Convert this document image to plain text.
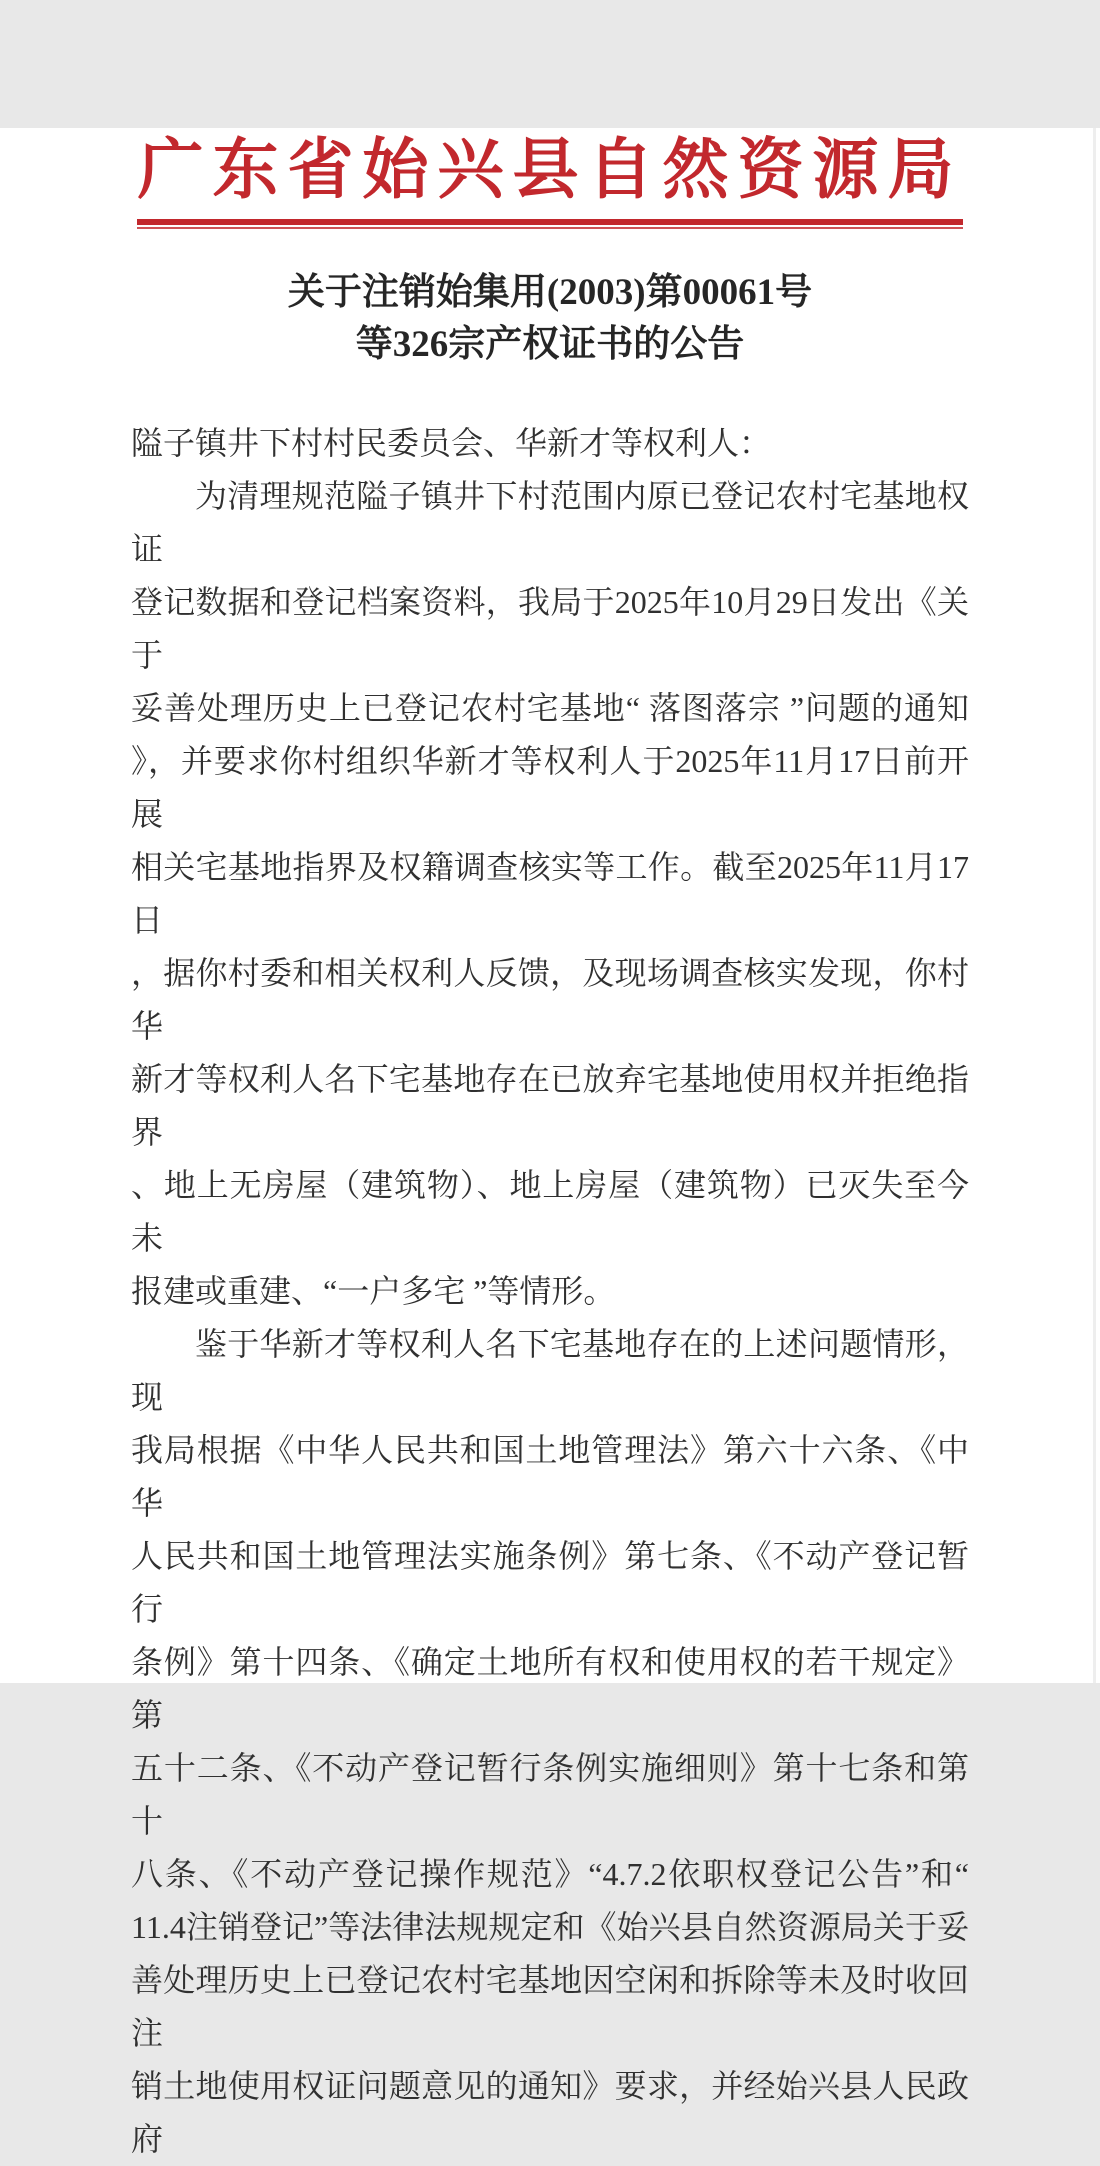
广东省始兴县自然资源局
关于注销始集用(2003)第00061号
等326宗产权证书的公告
隘子镇井下村村民委员会、华新才等权利人：
为清理规范隘子镇井下村范围内原已登记农村宅基地权证
登记数据和登记档案资料，我局于2025年10月29日发出《关于
妥善处理历史上已登记农村宅基地“ 落图落宗 ”问题的通知
》，并要求你村组织华新才等权利人于2025年11月17日前开展
相关宅基地指界及权籍调查核实等工作。截至2025年11月17日
，据你村委和相关权利人反馈，及现场调查核实发现，你村华
新才等权利人名下宅基地存在已放弃宅基地使用权并拒绝指界
、地上无房屋（建筑物）、地上房屋（建筑物）已灭失至今未
报建或重建、“一户多宅 ”等情形。
鉴于华新才等权利人名下宅基地存在的上述问题情形，现
我局根据《中华人民共和国土地管理法》第六十六条、《中华
人民共和国土地管理法实施条例》第七条、《不动产登记暂行
条例》第十四条、《确定土地所有权和使用权的若干规定》第
五十二条、《不动产登记暂行条例实施细则》第十七条和第十
八条、《不动产登记操作规范》“4.7.2依职权登记公告”和“
11.4注销登记”等法律法规规定和《始兴县自然资源局关于妥
善处理历史上已登记农村宅基地因空闲和拆除等未及时收回注
销土地使用权证问题意见的通知》要求，并经始兴县人民政府
